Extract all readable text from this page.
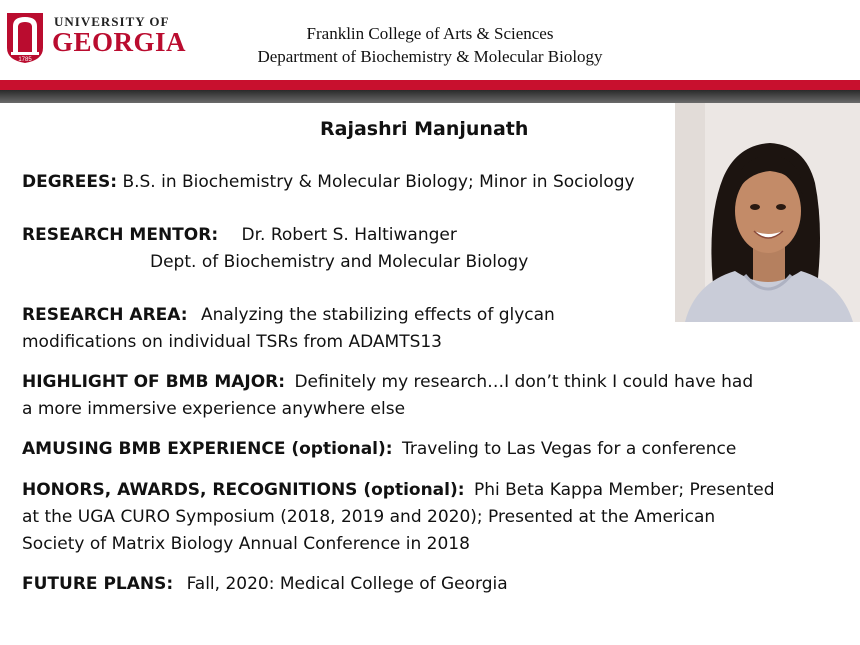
1785
UNIVERSITY OF
GEORGIA	Franklin College of Arts & Sciences
Department of Biochemistry & Molecular Biology
Rajashri Manjunath
DEGREES: B.S. in Biochemistry & Molecular Biology; Minor in Sociology
RESEARCH MENTOR: Dr. Robert S. Haltiwanger
Dept. of Biochemistry and Molecular Biology
RESEARCH AREA: Analyzing the stabilizing effects of glycan
modifications on individual TSRs from ADAMTS13
HIGHLIGHT OF BMB MAJOR: Definitely my research…I don’t think I could have had
a more immersive experience anywhere else
AMUSING BMB EXPERIENCE (optional): Traveling to Las Vegas for a conference
HONORS, AWARDS, RECOGNITIONS (optional): Phi Beta Kappa Member; Presented
at the UGA CURO Symposium (2018, 2019 and 2020); Presented at the American
Society of Matrix Biology Annual Conference in 2018
FUTURE PLANS: Fall, 2020: Medical College of Georgia
